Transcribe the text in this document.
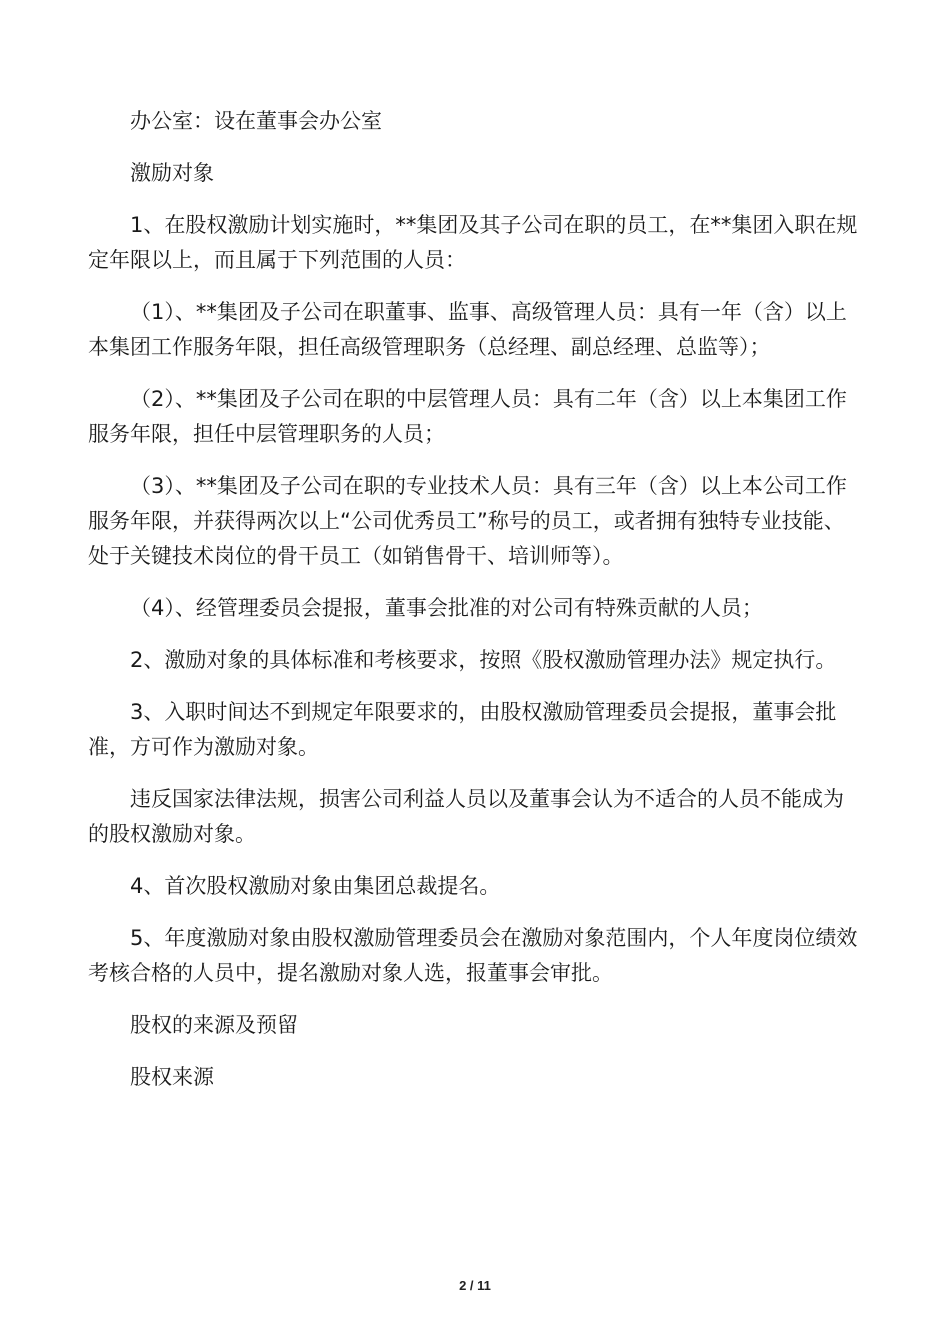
办公室：设在董事会办公室

激励对象

1、在股权激励计划实施时，**集团及其子公司在职的员工，在**集团入职在规定年限以上，而且属于下列范围的人员：

（1）、**集团及子公司在职董事、监事、高级管理人员：具有一年（含）以上本集团工作服务年限，担任高级管理职务（总经理、副总经理、总监等）；

（2）、**集团及子公司在职的中层管理人员：具有二年（含）以上本集团工作服务年限，担任中层管理职务的人员；

（3）、**集团及子公司在职的专业技术人员：具有三年（含）以上本公司工作服务年限，并获得两次以上“公司优秀员工”称号的员工，或者拥有独特专业技能、处于关键技术岗位的骨干员工（如销售骨干、培训师等）。

（4）、经管理委员会提报，董事会批准的对公司有特殊贡献的人员；

2、激励对象的具体标准和考核要求，按照《股权激励管理办法》规定执行。

3、入职时间达不到规定年限要求的，由股权激励管理委员会提报，董事会批准，方可作为激励对象。

违反国家法律法规，损害公司利益人员以及董事会认为不适合的人员不能成为的股权激励对象。

4、首次股权激励对象由集团总裁提名。

5、年度激励对象由股权激励管理委员会在激励对象范围内，个人年度岗位绩效考核合格的人员中，提名激励对象人选，报董事会审批。

股权的来源及预留

股权来源

2 / 11
